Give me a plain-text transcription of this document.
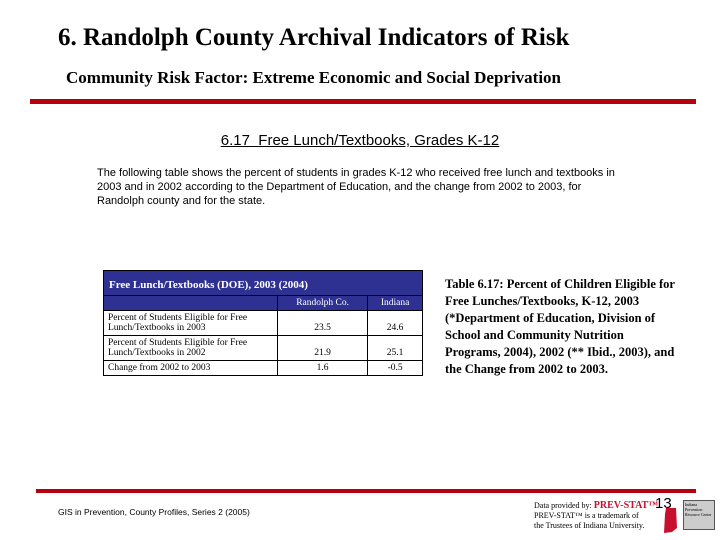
6. Randolph County Archival Indicators of Risk
Community Risk Factor: Extreme Economic and Social Deprivation
6.17 Free Lunch/Textbooks, Grades K-12
The following table shows the percent of students in grades K-12 who received free lunch and textbooks in 2003 and in 2002 according to the Department of Education, and the change from 2002 to 2003, for Randolph county and for the state.
Free Lunch/Textbooks (DOE), 2003 (2004)		
	Randolph Co.	Indiana
Percent of Students Eligible for Free Lunch/Textbooks in 2003	23.5	24.6
Percent of Students Eligible for Free Lunch/Textbooks in 2002	21.9	25.1
Change from 2002 to 2003	1.6	-0.5
Table 6.17: Percent of Children Eligible for Free Lunches/Textbooks, K-12, 2003 (*Department of Education, Division of School and Community Nutrition Programs, 2004), 2002 (** Ibid., 2003), and the Change from 2002 to 2003.
GIS in Prevention, County Profiles, Series 2 (2005)
Data provided by: PREV-STAT™
PREV-STAT™ is a trademark of the Trustees of Indiana University.
Indiana Prevention Resource Center
13
